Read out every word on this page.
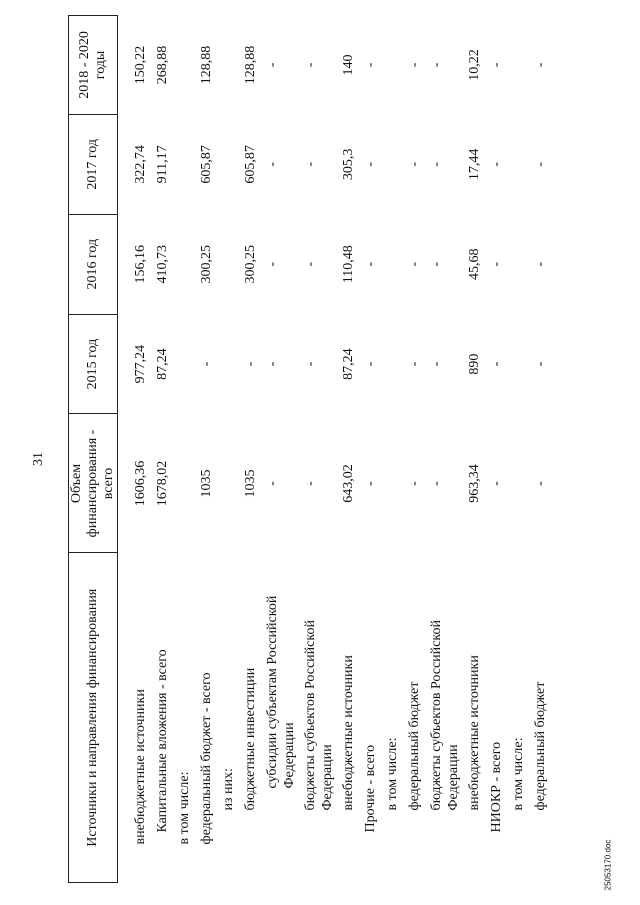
31
Источники и направления финансирования	Объем финансирования - всего	2015 год	2016 год	2017 год	2018 - 2020 годы

внебюджетные источники	1606,36	977,24	156,16	322,74	150,22
Капитальные вложения - всего	1678,02	87,24	410,73	911,17	268,88
в том числе:					
федеральный бюджет - всего	1035	-	300,25	605,87	128,88
из них:					
бюджетные инвестиции	1035	-	300,25	605,87	128,88
субсидии субъектам Российской Федерации	-	-	-	-	-
бюджеты субъектов Российской Федерации	-	-	-	-	-
внебюджетные источники	643,02	87,24	110,48	305,3	140
Прочие - всего	-	-	-	-	-
в том числе:					
федеральный бюджет	-	-	-	-	-
бюджеты субъектов Российской Федерации	-	-	-	-	-
внебюджетные источники	963,34	890	45,68	17,44	10,22
НИОКР - всего	-	-	-	-	-
в том числе:					
федеральный бюджет	-	-	-	-	-
25053170.doc
